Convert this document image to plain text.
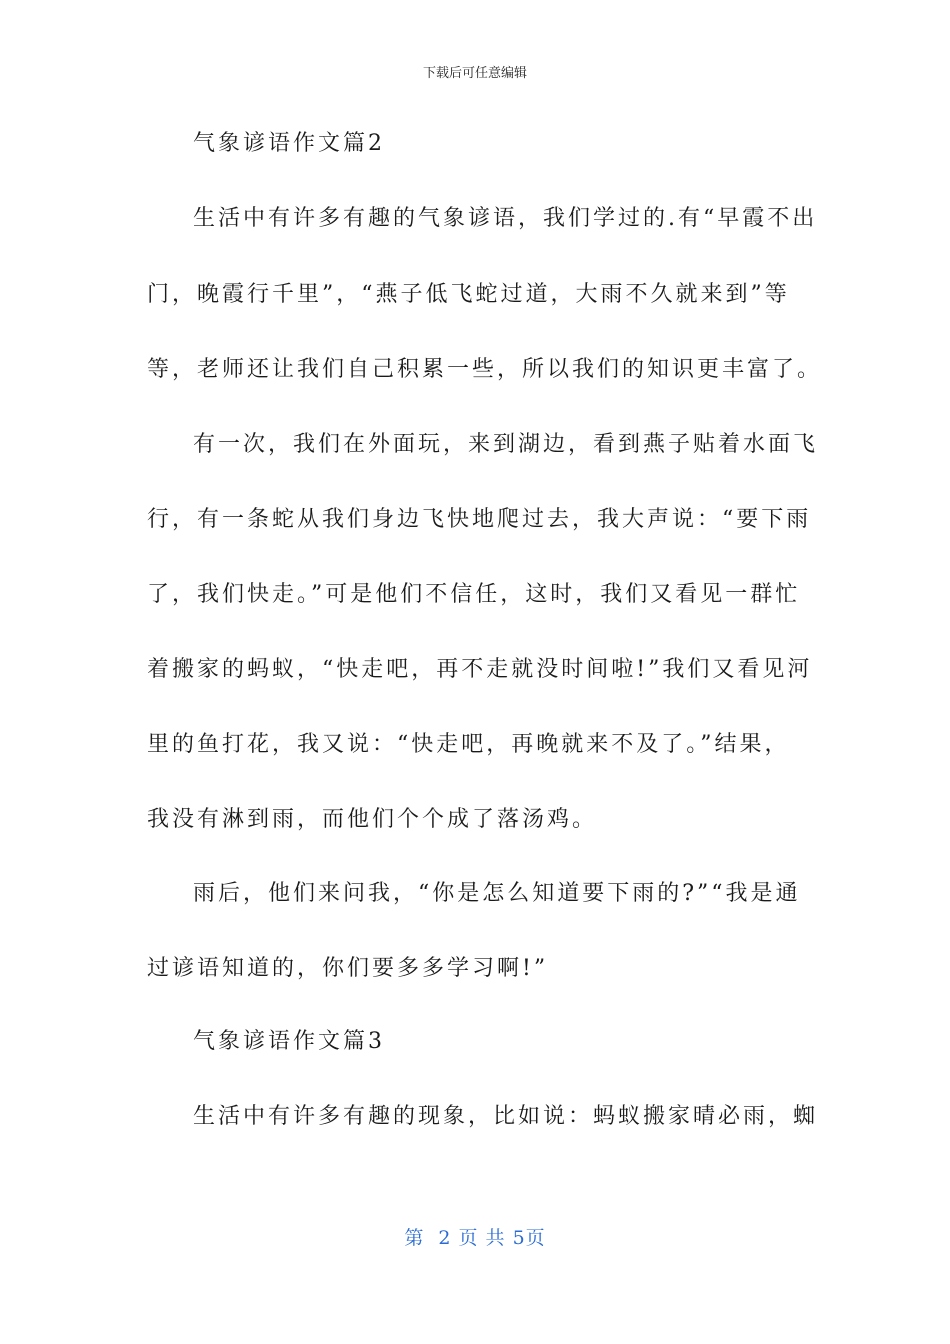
下载后可任意编辑
气象谚语作文篇2
生活中有许多有趣的气象谚语，我们学过的.有“早霞不出
门，晚霞行千里”，“燕子低飞蛇过道，大雨不久就来到”等
等，老师还让我们自己积累一些，所以我们的知识更丰富了。
有一次，我们在外面玩，来到湖边，看到燕子贴着水面飞
行，有一条蛇从我们身边飞快地爬过去，我大声说：“要下雨
了，我们快走。”可是他们不信任，这时，我们又看见一群忙
着搬家的蚂蚁，“快走吧，再不走就没时间啦!”我们又看见河
里的鱼打花，我又说：“快走吧，再晚就来不及了。”结果，
我没有淋到雨，而他们个个成了落汤鸡。
雨后，他们来问我，“你是怎么知道要下雨的?”“我是通
过谚语知道的，你们要多多学习啊!”
气象谚语作文篇3
生活中有许多有趣的现象，比如说：蚂蚁搬家晴必雨，蜘
第  2 页 共 5页
